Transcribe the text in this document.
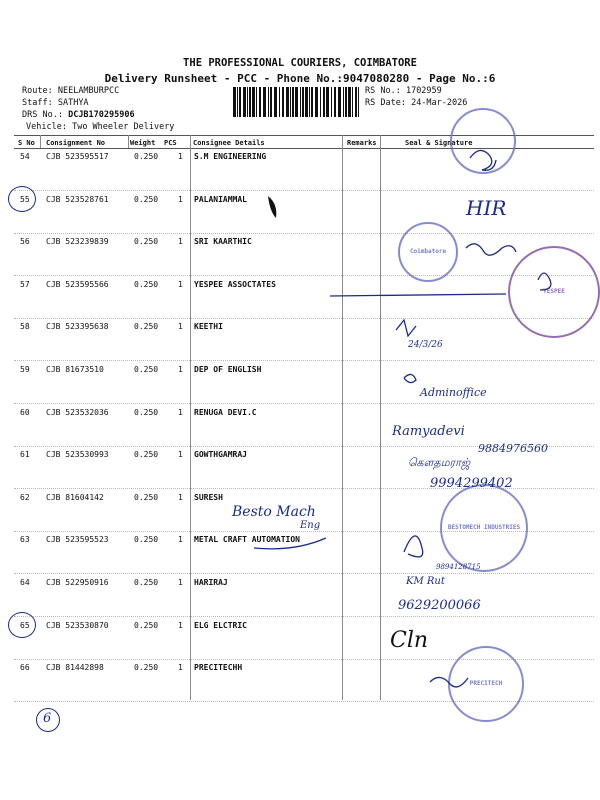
THE PROFESSIONAL COURIERS, COIMBATORE
Delivery Runsheet - PCC - Phone No.:9047080280 - Page No.:6
Route: NEELAMBURPCC
Staff: SATHYA
DRS No.: DCJB170295906
Vehicle: Two Wheeler Delivery
RS No.: 1702959
RS Date: 24-Mar-2026
S No Consignment No	Weight PCS Consignee Details	Remarks	Seal & Signature
54 CJB 523595517	0.250 1 S.M ENGINEERING
55 CJB 523528761	0.250 1 PALANIAMMAL
56 CJB 523239839	0.250 1 SRI KAARTHIC
57 CJB 523595566	0.250 1 YESPEE ASSOCTATES
58 CJB 523395638	0.250 1 KEETHI
59 CJB 81673510	0.250 1 DEP OF ENGLISH
60 CJB 523532036	0.250 1 RENUGA DEVI.C
61 CJB 523530993	0.250 1 GOWTHGAMRAJ
62 CJB 81604142	0.250 1 SURESH
63 CJB 523595523	0.250 1 METAL CRAFT AUTOMATION
64 CJB 522950916	0.250 1 HARIRAJ
65 CJB 523530870	0.250 1 ELG ELCTRIC
66 CJB 81442898	0.250 1 PRECITECHH
6
Coimbatore
YESPEE
BESTOMECH INDUSTRIES
PRECITECH
HIR
24/3/26
Adminoffice
Ramyadevi
9884976560
கௌதமராஜ்
9994299402
Besto Mach
Eng
9894128715
KM Rut
9629200066
Cln
